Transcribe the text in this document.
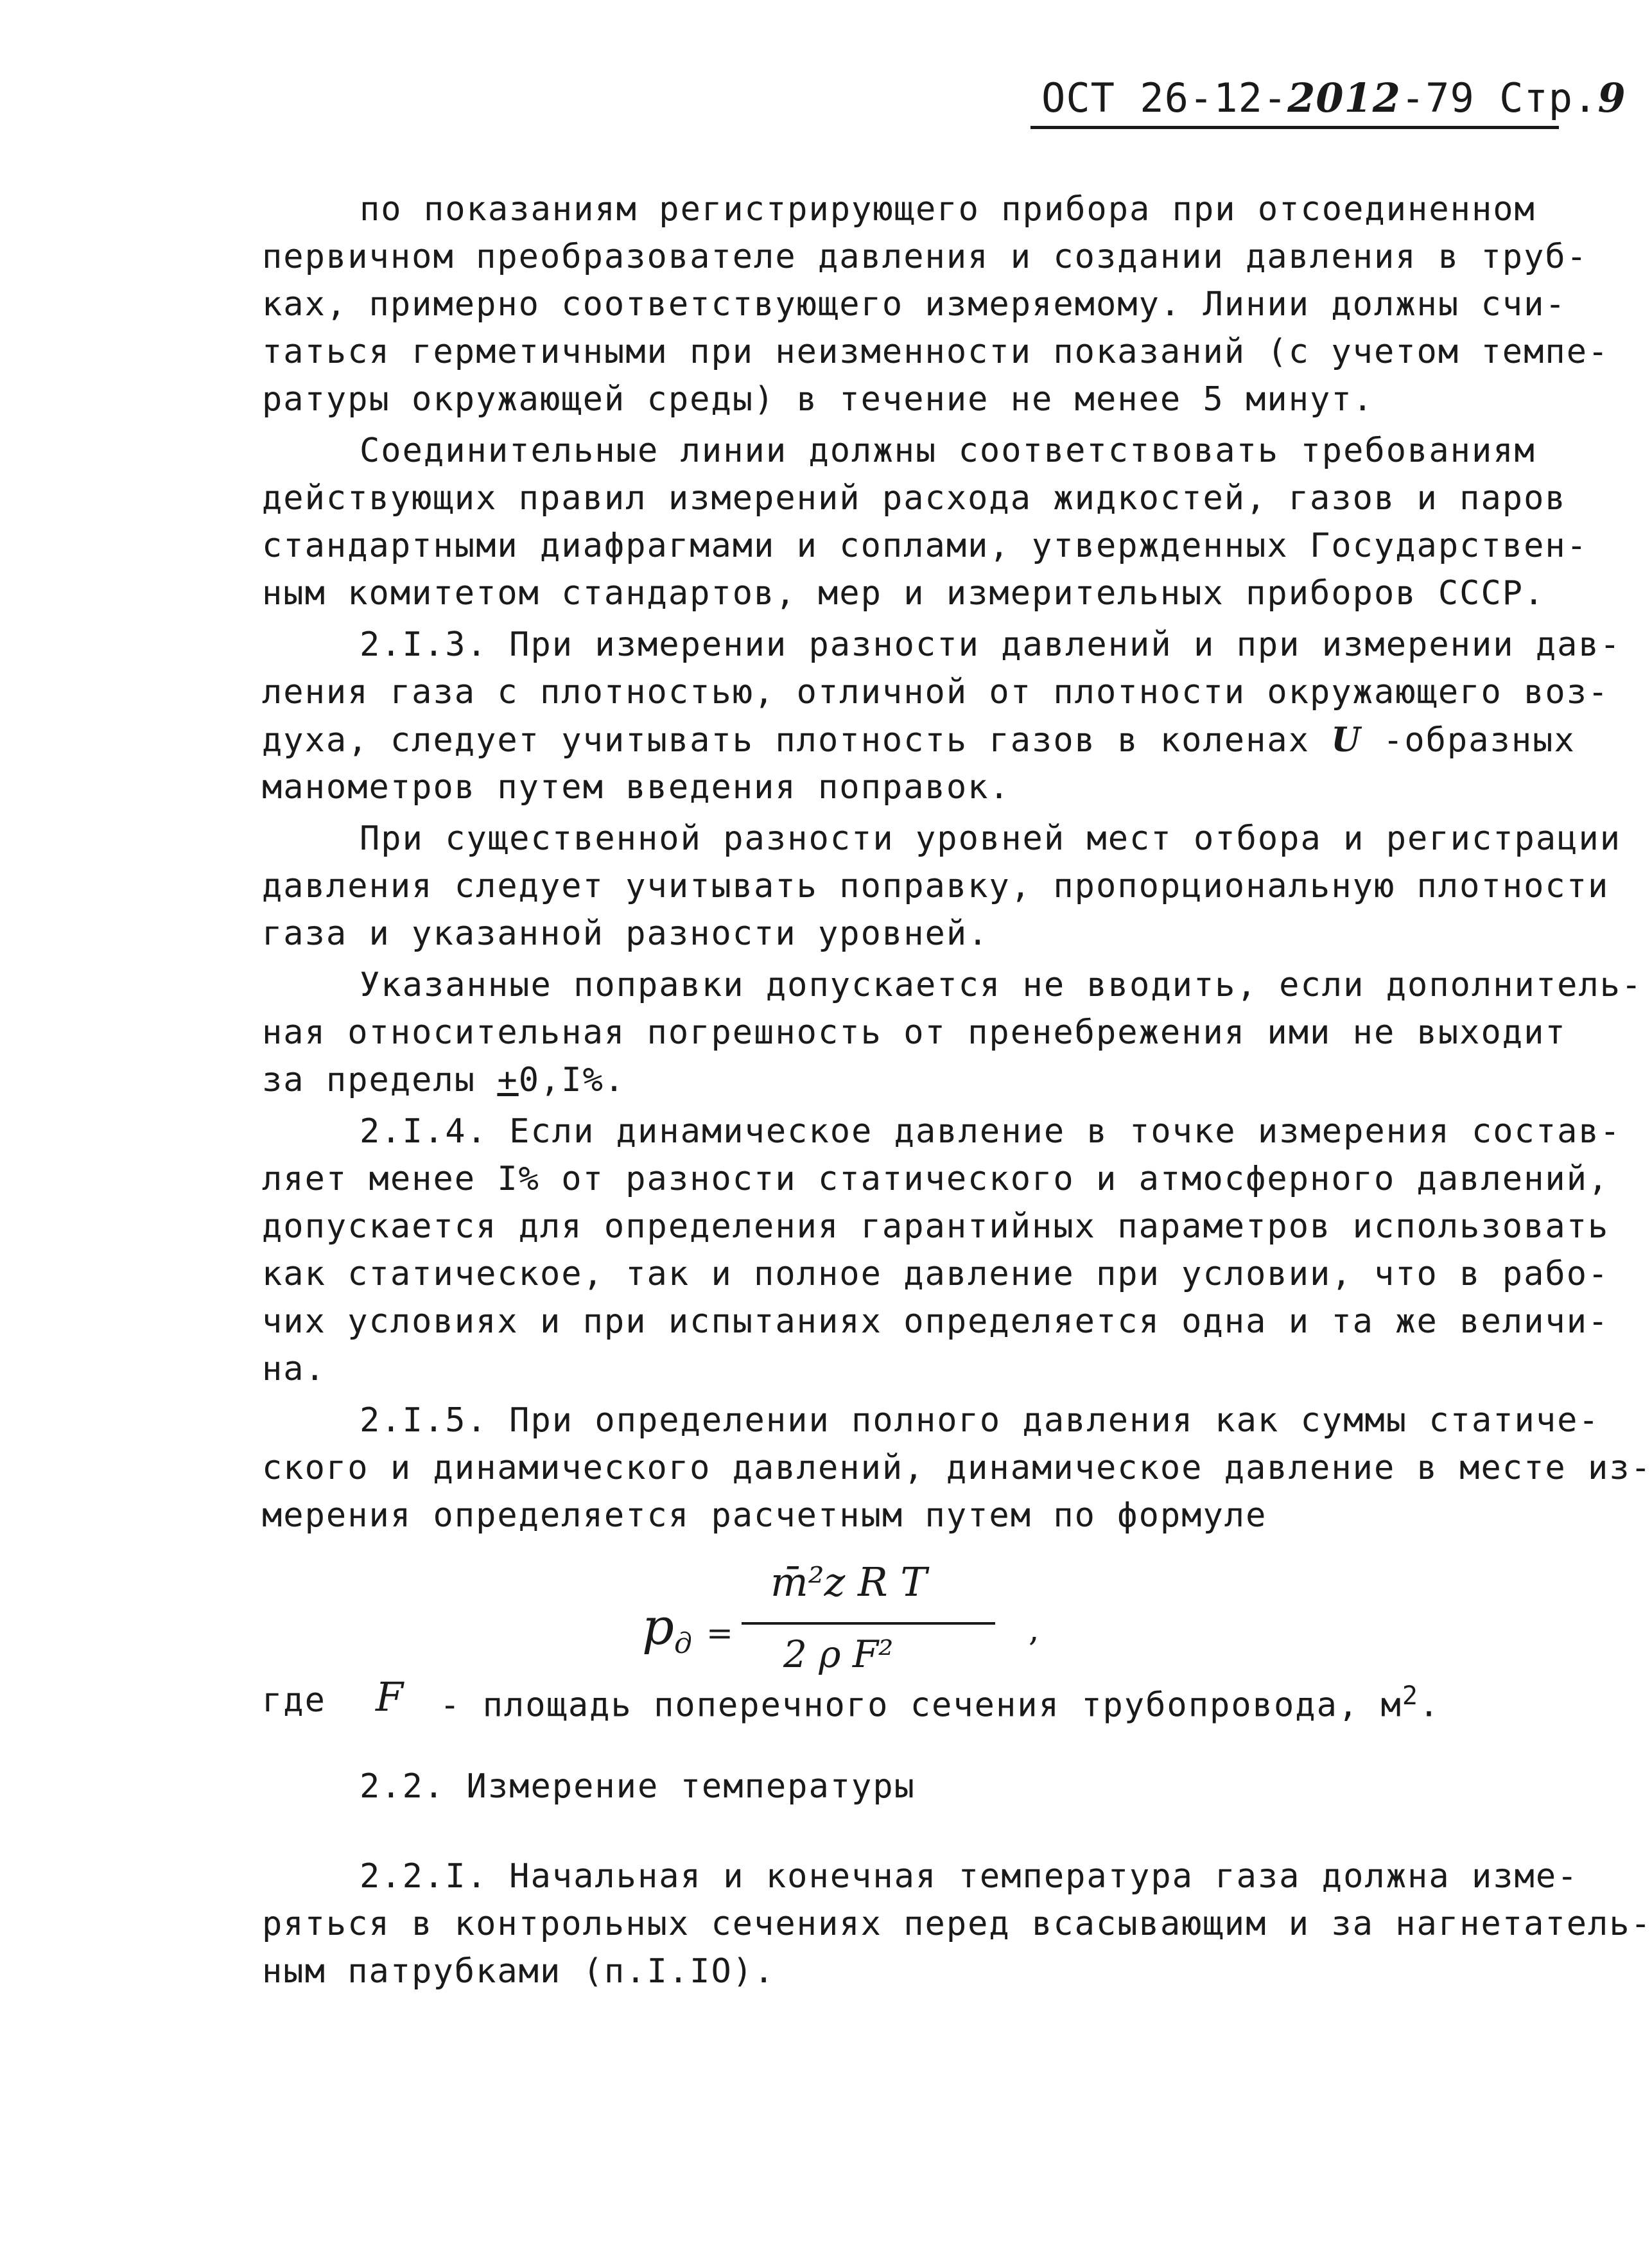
ОСТ 26-12-2012-79 Стр.9
по показаниям регистрирующего прибора при отсоединенном
первичном преобразователе давления и создании давления в труб-
ках, примерно соответствующего измеряемому. Линии должны счи-
таться герметичными при неизменности показаний (с учетом темпе-
ратуры окружающей среды) в течение не менее 5 минут.
Соединительные линии должны соответствовать требованиям
действующих правил измерений расхода жидкостей, газов и паров
стандартными диафрагмами и соплами, утвержденных Государствен-
ным комитетом стандартов, мер и измерительных приборов СССР.
2.I.3. При измерении разности давлений и при измерении дав-
ления газа с плотностью, отличной от плотности окружающего воз-
духа, следует учитывать плотность газов в коленах U -образных
манометров путем введения поправок.
При существенной разности уровней мест отбора и регистрации
давления следует учитывать поправку, пропорциональную плотности
газа и указанной разности уровней.
Указанные поправки допускается не вводить, если дополнитель-
ная относительная погрешность от пренебрежения ими не выходит
за пределы +0,I%.
2.I.4. Если динамическое давление в точке измерения состав-
ляет менее I% от разности статического и атмосферного давлений,
допускается для определения гарантийных параметров использовать
как статическое, так и полное давление при условии, что в рабо-
чих условиях и при испытаниях определяется одна и та же величи-
на.
2.I.5. При определении полного давления как суммы статиче-
ского и динамического давлений, динамическое давление в месте из-
мерения определяется расчетным путем по формуле
p д =
m̄²z R T
2 ρ F²
,
где F - площадь поперечного сечения трубопровода, $м^2$.
2.2. Измерение температуры
2.2.I. Начальная и конечная температура газа должна изме-
ряться в контрольных сечениях перед всасывающим и за нагнетатель-
ным патрубками (п.I.IO).
